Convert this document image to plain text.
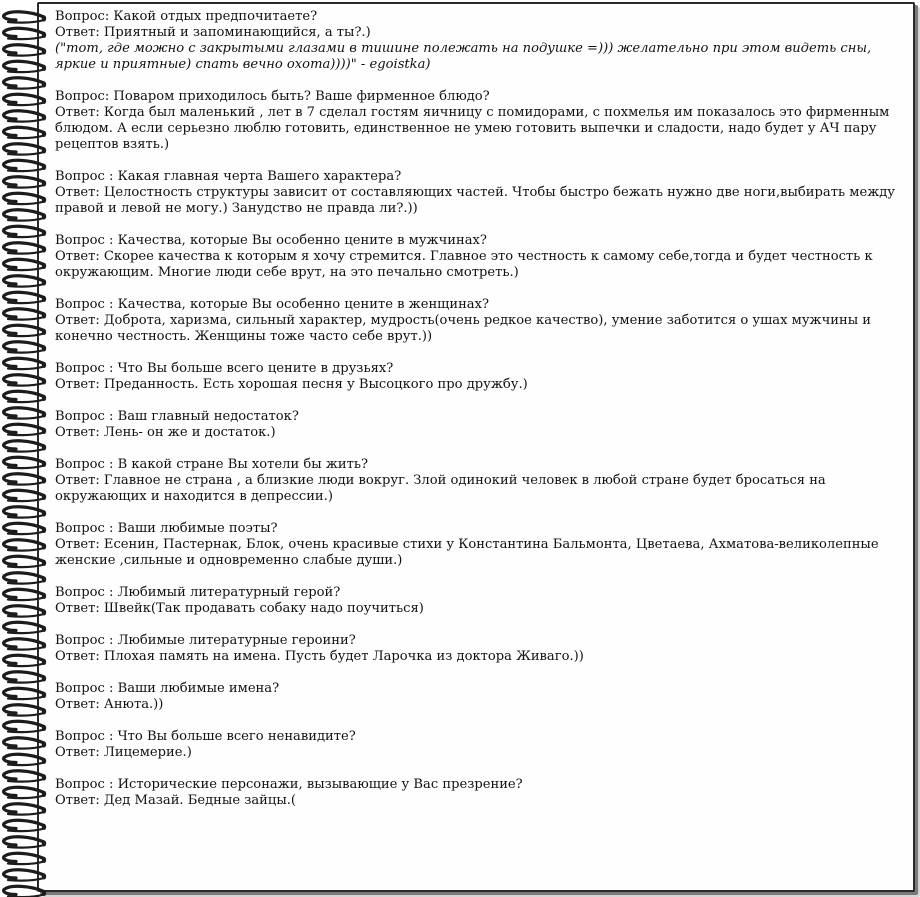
Вопрос: Какой отдых предпочитаете?
Ответ: Приятный и запоминающийся, а ты?.)
("тот, где можно с закрытыми глазами в тишине полежать на подушке =))) желательно при этом видеть сны, яркие и приятные) спать вечно охота))))" - egoistka)
Вопрос: Поваром приходилось быть? Ваше фирменное блюдо?
Ответ: Когда был маленький , лет в 7 сделал гостям яичницу с помидорами, с похмелья им показалось это фирменным блюдом. А если серьезно люблю готовить, единственное не умею готовить выпечки и сладости, надо будет у АЧ пару рецептов взять.)
Вопрос : Какая главная черта Вашего характера?
Ответ: Целостность структуры зависит от составляющих частей. Чтобы быстро бежать нужно две ноги,выбирать между правой и левой не могу.) Занудство не правда ли?.))
Вопрос : Качества, которые Вы особенно цените в мужчинах?
Ответ: Скорее качества к которым я хочу стремится. Главное это честность к самому себе,тогда и будет честность к окружающим. Многие люди себе врут, на это печально смотреть.)
Вопрос : Качества, которые Вы особенно цените в женщинах?
Ответ: Доброта, харизма, сильный характер, мудрость(очень редкое качество), умение заботится о ушах мужчины и конечно честность. Женщины тоже часто себе врут.))
Вопрос : Что Вы больше всего цените в друзьях?
Ответ: Преданность. Есть хорошая песня у Высоцкого про дружбу.)
Вопрос : Ваш главный недостаток?
Ответ: Лень- он же и достаток.)
Вопрос : В какой стране Вы хотели бы жить?
Ответ: Главное не страна , а близкие люди вокруг. Злой одинокий человек в любой стране будет бросаться на окружающих и находится в депрессии.)
Вопрос : Ваши любимые поэты?
Ответ: Есенин, Пастернак, Блок, очень красивые стихи у Константина Бальмонта, Цветаева, Ахматова-великолепные женские ,сильные и одновременно слабые души.)
Вопрос : Любимый литературный герой?
Ответ: Швейк(Так продавать собаку надо поучиться)
Вопрос : Любимые литературные героини?
Ответ: Плохая память на имена. Пусть будет Ларочка из доктора Живаго.))
Вопрос : Ваши любимые имена?
Ответ: Анюта.))
Вопрос : Что Вы больше всего ненавидите?
Ответ: Лицемерие.)
Вопрос : Исторические персонажи, вызывающие у Вас презрение?
Ответ: Дед Мазай. Бедные зайцы.(
